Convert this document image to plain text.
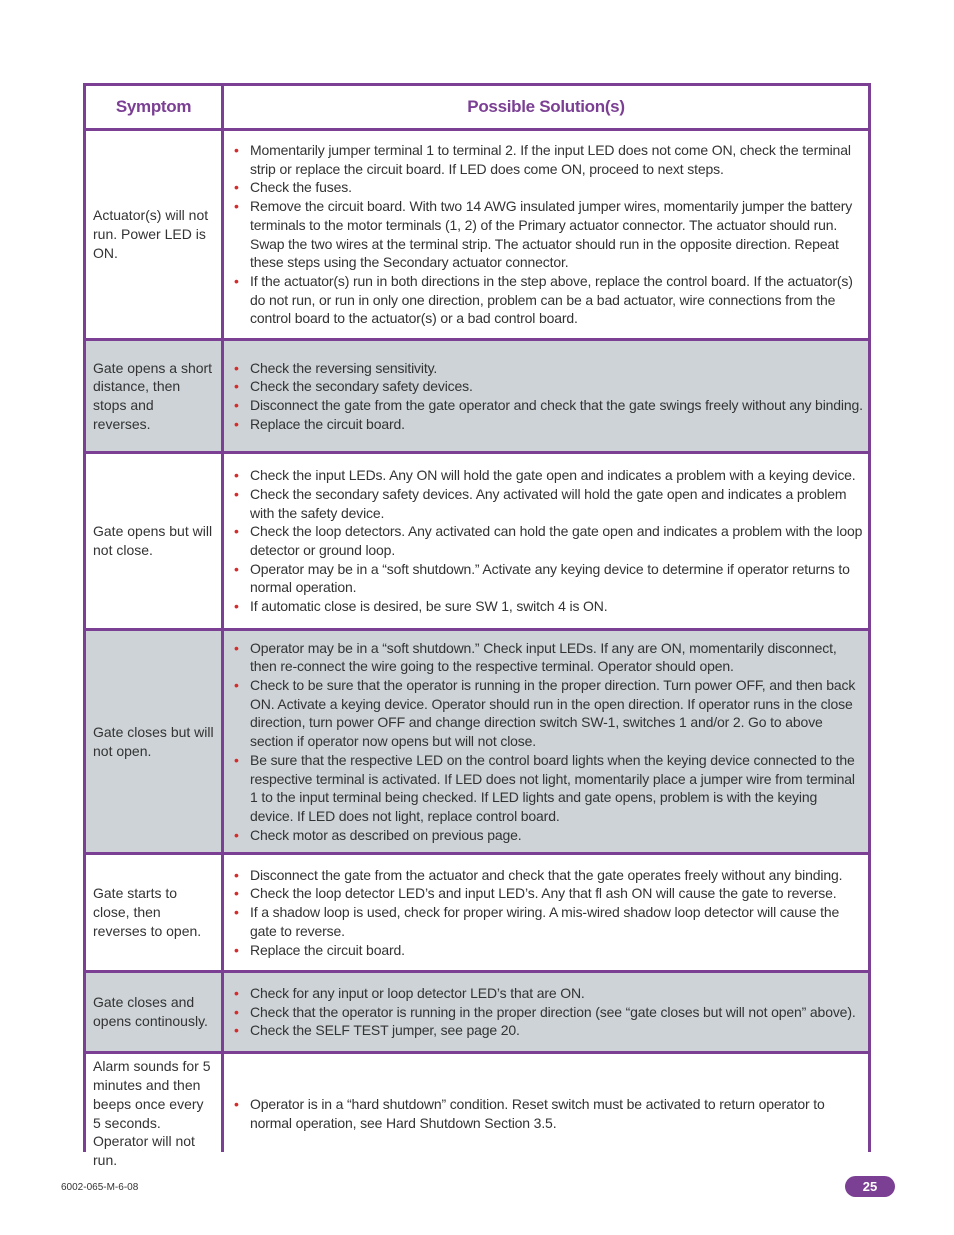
Symptom	Possible Solution(s)
Actuator(s) will not run. Power LED is ON.
• Momentarily jumper terminal 1 to terminal 2. If the input LED does not come ON, check the terminal strip or replace the circuit board. If LED does come ON, proceed to next steps.
• Check the fuses.
• Remove the circuit board. With two 14 AWG insulated jumper wires, momentarily jumper the battery terminals to the motor terminals (1, 2) of the Primary actuator connector. The actuator should run. Swap the two wires at the terminal strip. The actuator should run in the opposite direction. Repeat these steps using the Secondary actuator connector.
• If the actuator(s) run in both directions in the step above, replace the control board. If the actuator(s) do not run, or run in only one direction, problem can be a bad actuator, wire connections from the control board to the actuator(s) or a bad control board.
Gate opens a short distance, then stops and reverses.
• Check the reversing sensitivity.
• Check the secondary safety devices.
• Disconnect the gate from the gate operator and check that the gate swings freely without any binding.
• Replace the circuit board.
Gate opens but will not close.
• Check the input LEDs. Any ON will hold the gate open and indicates a problem with a keying device.
• Check the secondary safety devices. Any activated will hold the gate open and indicates a problem with the safety device.
• Check the loop detectors. Any activated can hold the gate open and indicates a problem with the loop detector or ground loop.
• Operator may be in a “soft shutdown.” Activate any keying device to determine if operator returns to normal operation.
• If automatic close is desired, be sure SW 1, switch 4 is ON.
Gate closes but will not open.
• Operator may be in a “soft shutdown.” Check input LEDs. If any are ON, momentarily disconnect, then re-connect the wire going to the respective terminal. Operator should open.
• Check to be sure that the operator is running in the proper direction. Turn power OFF, and then back ON. Activate a keying device. Operator should run in the open direction. If operator runs in the close direction, turn power OFF and change direction switch SW-1, switches 1 and/or 2. Go to above section if operator now opens but will not close.
• Be sure that the respective LED on the control board lights when the keying device connected to the respective terminal is activated. If LED does not light, momentarily place a jumper wire from terminal 1 to the input terminal being checked. If LED lights and gate opens, problem is with the keying device. If LED does not light, replace control board.
• Check motor as described on previous page.
Gate starts to close, then reverses to open.
• Disconnect the gate from the actuator and check that the gate operates freely without any binding.
• Check the loop detector LED’s and input LED’s. Any that fl ash ON will cause the gate to reverse.
• If a shadow loop is used, check for proper wiring. A mis-wired shadow loop detector will cause the gate to reverse.
• Replace the circuit board.
Gate closes and opens continously.
• Check for any input or loop detector LED’s that are ON.
• Check that the operator is running in the proper direction (see “gate closes but will not open” above).
• Check the SELF TEST jumper, see page 20.
Alarm sounds for 5 minutes and then beeps once every 5 seconds. Operator will not run.
• Operator is in a “hard shutdown” condition. Reset switch must be activated to return operator to normal operation, see Hard Shutdown Section 3.5.
6002-065-M-6-08	25
